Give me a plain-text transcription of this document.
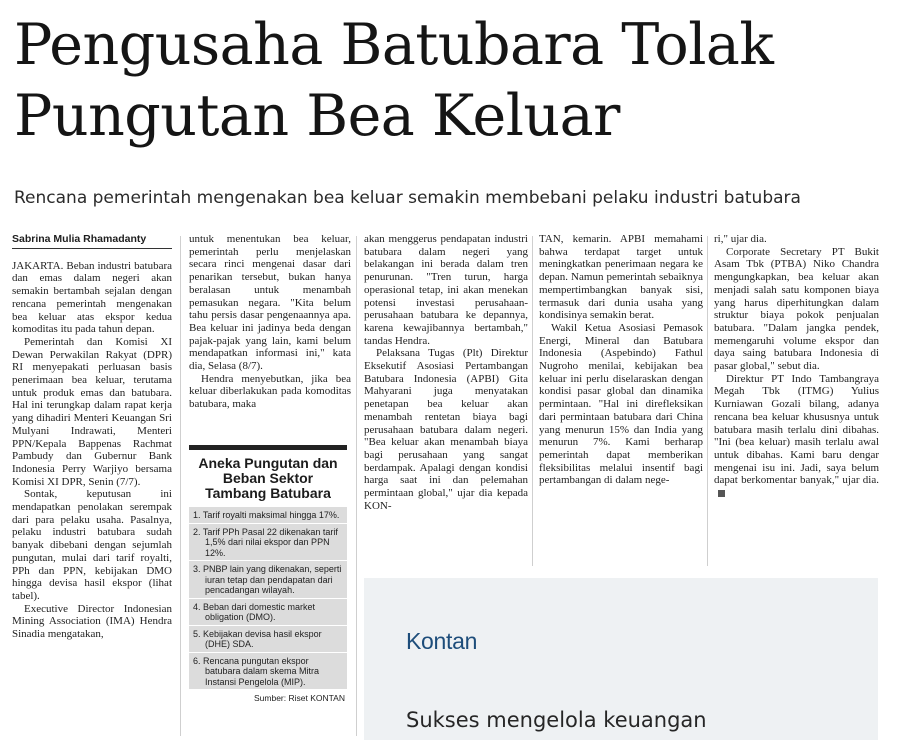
Pengusaha Batubara Tolak Pungutan Bea Keluar
Rencana pemerintah mengenakan bea keluar semakin membebani pelaku industri batubara
Sabrina Mulia Rhamadanty

JAKARTA. Beban industri batubara dan emas dalam negeri akan semakin bertambah sejalan dengan rencana pemerintah mengenakan bea keluar atas ekspor kedua komoditas itu pada tahun depan.

Pemerintah dan Komisi XI Dewan Perwakilan Rakyat (DPR) RI menyepakati perluasan basis penerimaan bea keluar, terutama untuk produk emas dan batubara. Hal ini terungkap dalam rapat kerja yang dihadiri Menteri Keuangan Sri Mulyani Indrawati, Menteri PPN/Kepala Bappenas Rachmat Pambudy dan Gubernur Bank Indonesia Perry Warjiyo bersama Komisi XI DPR, Senin (7/7).

Sontak, keputusan ini mendapatkan penolakan serempak dari para pelaku usaha. Pasalnya, pelaku industri batubara sudah banyak dibebani dengan sejumlah pungutan, mulai dari tarif royalti, PPh dan PPN, kebijakan DMO hingga devisa hasil ekspor (lihat tabel).

Executive Director Indonesian Mining Association (IMA) Hendra Sinadia mengatakan,

untuk menentukan bea keluar, pemerintah perlu menjelaskan secara rinci mengenai dasar dari penarikan tersebut, bukan hanya beralasan untuk menambah pemasukan negara. "Kita belum tahu persis dasar pengenaannya apa. Bea keluar ini jadinya beda dengan pajak-pajak yang lain, kami belum mendapatkan informasi ini," kata dia, Selasa (8/7).

Hendra menyebutkan, jika bea keluar diberlakukan pada komoditas batubara, maka

Aneka Pungutan dan Beban Sektor Tambang Batubara
1. Tarif royalti maksimal hingga 17%.
2. Tarif PPh Pasal 22 dikenakan tarif 1,5% dari nilai ekspor dan PPN 12%.
3. PNBP lain yang dikenakan, seperti iuran tetap dan pendapatan dari pencadangan wilayah.
4. Beban dari domestic market obligation (DMO).
5. Kebijakan devisa hasil ekspor (DHE) SDA.
6. Rencana pungutan ekspor batubara dalam skema Mitra Instansi Pengelola (MIP).
Sumber: Riset KONTAN

akan menggerus pendapatan industri batubara dalam negeri yang belakangan ini berada dalam tren penurunan. "Tren turun, harga operasional tetap, ini akan menekan potensi investasi perusahaan-perusahaan batubara ke depannya, karena kewajibannya bertambah," tandas Hendra.

Pelaksana Tugas (Plt) Direktur Eksekutif Asosiasi Pertambangan Batubara Indonesia (APBI) Gita Mahyarani juga menyatakan penetapan bea keluar akan menambah rentetan biaya bagi perusahaan batubara dalam negeri. "Bea keluar akan menambah biaya bagi perusahaan yang sangat berdampak. Apalagi dengan kondisi harga saat ini dan pelemahan permintaan global," ujar dia kepada KON-

TAN, kemarin. APBI memahami bahwa terdapat target untuk meningkatkan penerimaan negara ke depan. Namun pemerintah sebaiknya mempertimbangkan banyak sisi, termasuk dari dunia usaha yang kondisinya semakin berat.

Wakil Ketua Asosiasi Pemasok Energi, Mineral dan Batubara Indonesia (Aspebindo) Fathul Nugroho menilai, kebijakan bea keluar ini perlu diselaraskan dengan kondisi pasar global dan dinamika permintaan. "Hal ini direfleksikan dari permintaan batubara dari China yang menurun 15% dan India yang menurun 7%. Kami berharap pemerintah dapat memberikan fleksibilitas melalui insentif bagi pertambangan di dalam nege-

ri," ujar dia.

Corporate Secretary PT Bukit Asam Tbk (PTBA) Niko Chandra mengungkapkan, bea keluar akan menjadi salah satu komponen biaya yang harus diperhitungkan dalam struktur biaya pokok penjualan batubara. "Dalam jangka pendek, memengaruhi volume ekspor dan daya saing batubara Indonesia di pasar global," sebut dia.

Direktur PT Indo Tambangraya Megah Tbk (ITMG) Yulius Kurniawan Gozali bilang, adanya rencana bea keluar khususnya untuk batubara masih terlalu dini dibahas. "Ini (bea keluar) masih terlalu awal untuk dibahas. Kami baru dengar mengenai isu ini. Jadi, saya belum dapat berkomentar banyak," ujar dia.

Kontan
Sukses mengelola keuangan
